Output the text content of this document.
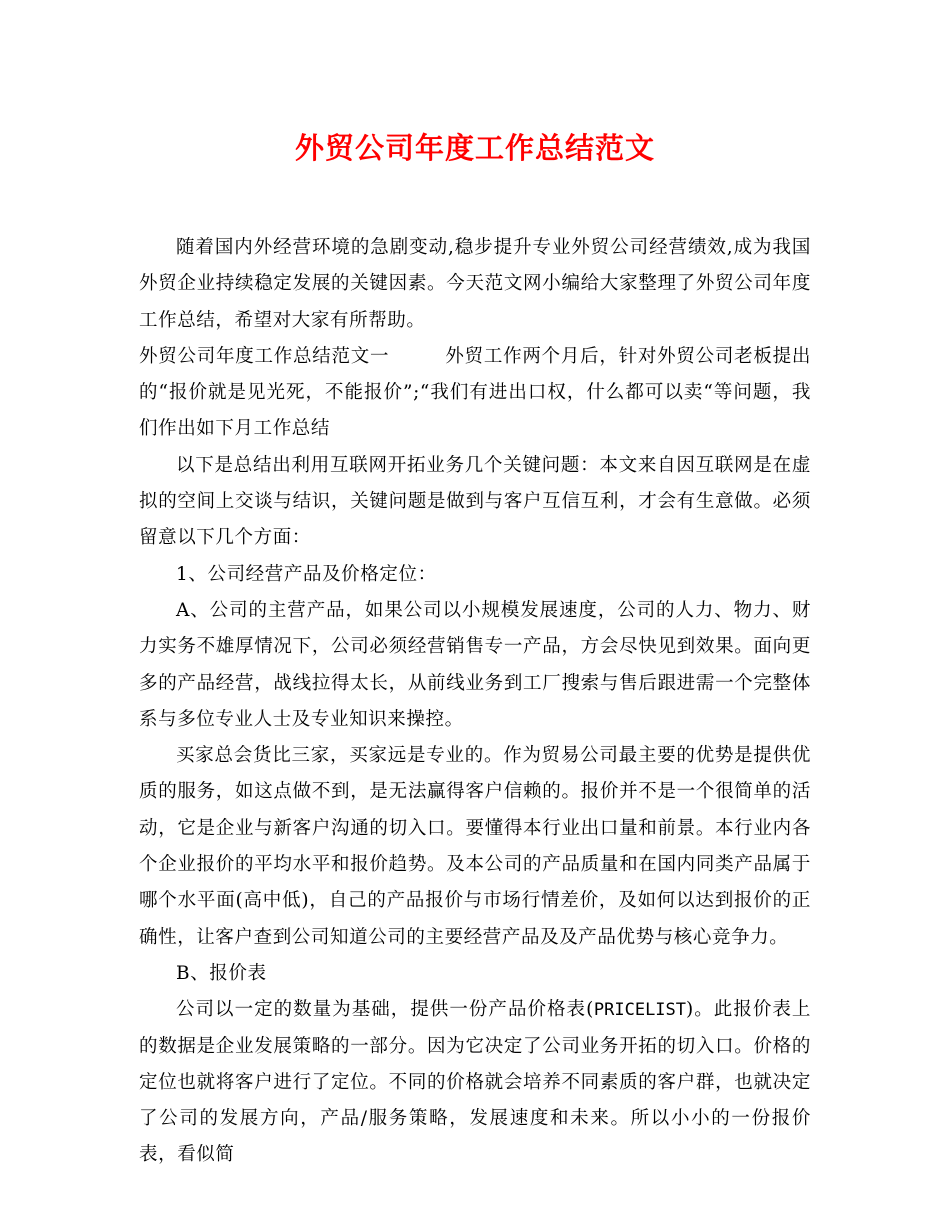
外贸公司年度工作总结范文

随着国内外经营环境的急剧变动,稳步提升专业外贸公司经营绩效,成为我国外贸企业持续稳定发展的关键因素。今天范文网小编给大家整理了外贸公司年度工作总结，希望对大家有所帮助。

外贸公司年度工作总结范文一	外贸工作两个月后，针对外贸公司老板提出的“报价就是见光死，不能报价”;“我们有进出口权，什么都可以卖“等问题，我们作出如下月工作总结

以下是总结出利用互联网开拓业务几个关键问题：本文来自因互联网是在虚拟的空间上交谈与结识，关键问题是做到与客户互信互利，才会有生意做。必须留意以下几个方面：

1、公司经营产品及价格定位：

A、公司的主营产品，如果公司以小规模发展速度，公司的人力、物力、财力实务不雄厚情况下，公司必须经营销售专一产品，方会尽快见到效果。面向更多的产品经营，战线拉得太长，从前线业务到工厂搜索与售后跟进需一个完整体系与多位专业人士及专业知识来操控。

买家总会货比三家，买家远是专业的。作为贸易公司最主要的优势是提供优质的服务，如这点做不到，是无法赢得客户信赖的。报价并不是一个很简单的活动，它是企业与新客户沟通的切入口。要懂得本行业出口量和前景。本行业内各个企业报价的平均水平和报价趋势。及本公司的产品质量和在国内同类产品属于哪个水平面(高中低)，自己的产品报价与市场行情差价，及如何以达到报价的正确性，让客户查到公司知道公司的主要经营产品及及产品优势与核心竞争力。

B、报价表

公司以一定的数量为基础，提供一份产品价格表(PRICELIST)。此报价表上的数据是企业发展策略的一部分。因为它决定了公司业务开拓的切入口。价格的定位也就将客户进行了定位。不同的价格就会培养不同素质的客户群，也就决定了公司的发展方向，产品/服务策略，发展速度和未来。所以小小的一份报价表，看似简
